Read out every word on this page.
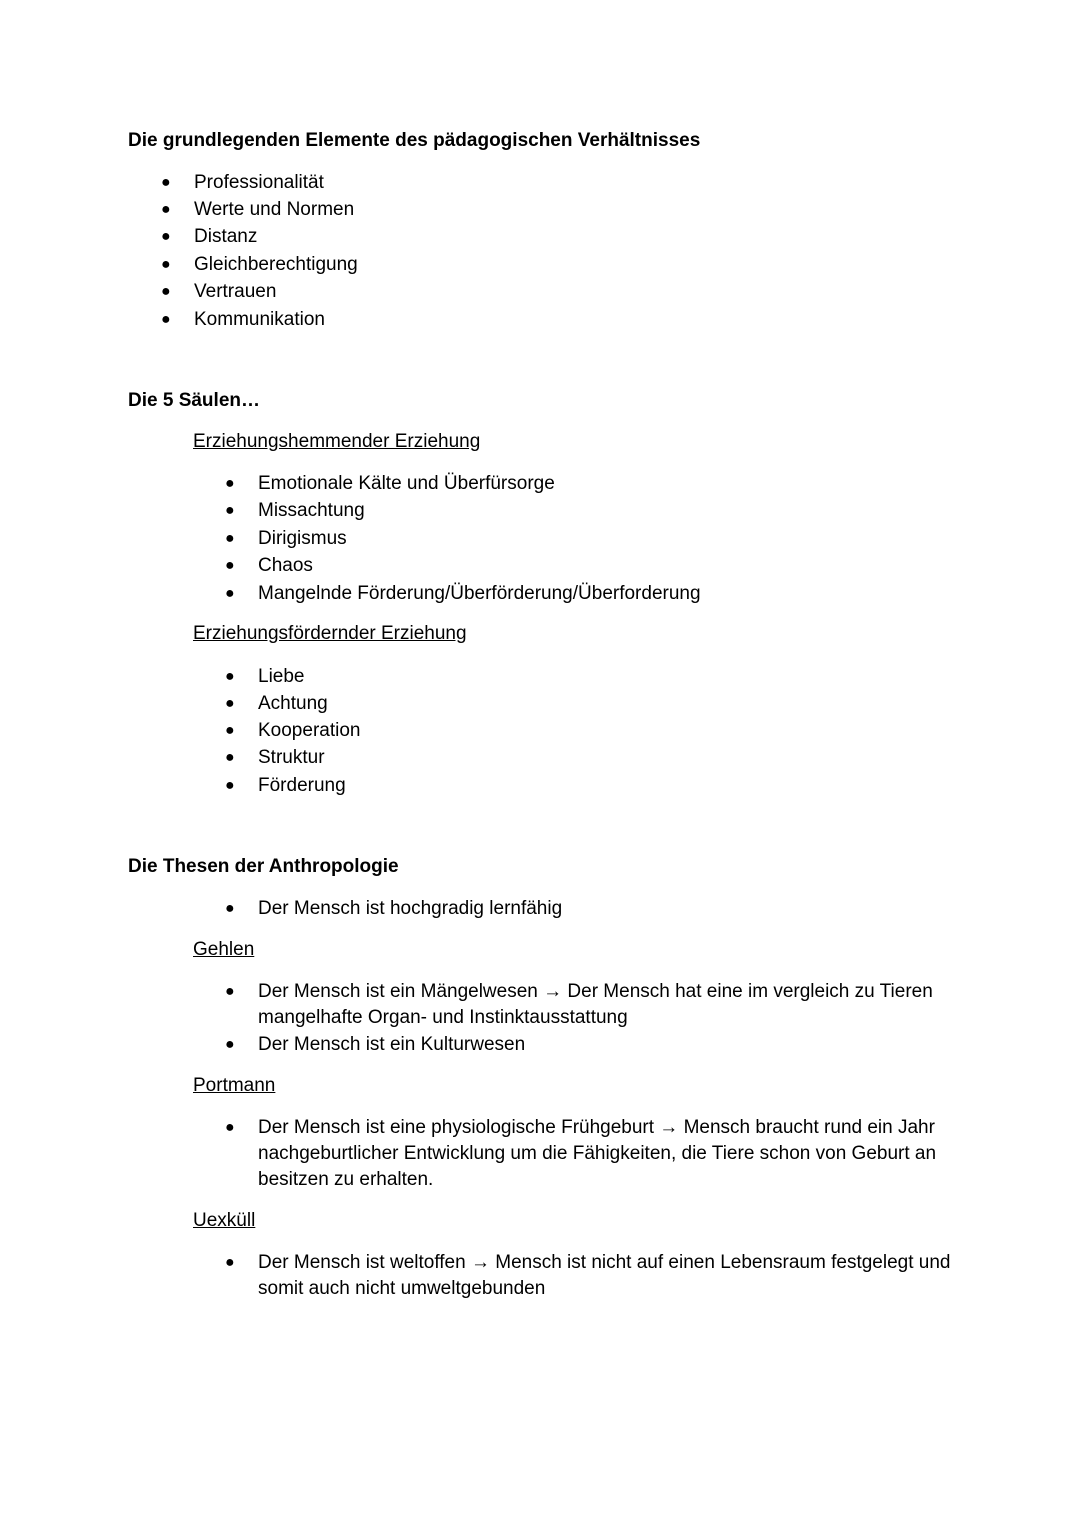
Die grundlegenden Elemente des pädagogischen Verhältnisses
● Professionalität
● Werte und Normen
● Distanz
● Gleichberechtigung
● Vertrauen
● Kommunikation
Die 5 Säulen…
Erziehungshemmender Erziehung
● Emotionale Kälte und Überfürsorge
● Missachtung
● Dirigismus
● Chaos
● Mangelnde Förderung/Überförderung/Überforderung
Erziehungsfördernder Erziehung
● Liebe
● Achtung
● Kooperation
● Struktur
● Förderung
Die Thesen der Anthropologie
● Der Mensch ist hochgradig lernfähig
Gehlen
● Der Mensch ist ein Mängelwesen → Der Mensch hat eine im vergleich zu Tieren
mangelhafte Organ- und Instinktausstattung
● Der Mensch ist ein Kulturwesen
Portmann
● Der Mensch ist eine physiologische Frühgeburt → Mensch braucht rund ein Jahr
nachgeburtlicher Entwicklung um die Fähigkeiten, die Tiere schon von Geburt an
besitzen zu erhalten.
Uexküll
● Der Mensch ist weltoffen → Mensch ist nicht auf einen Lebensraum festgelegt und
somit auch nicht umweltgebunden
